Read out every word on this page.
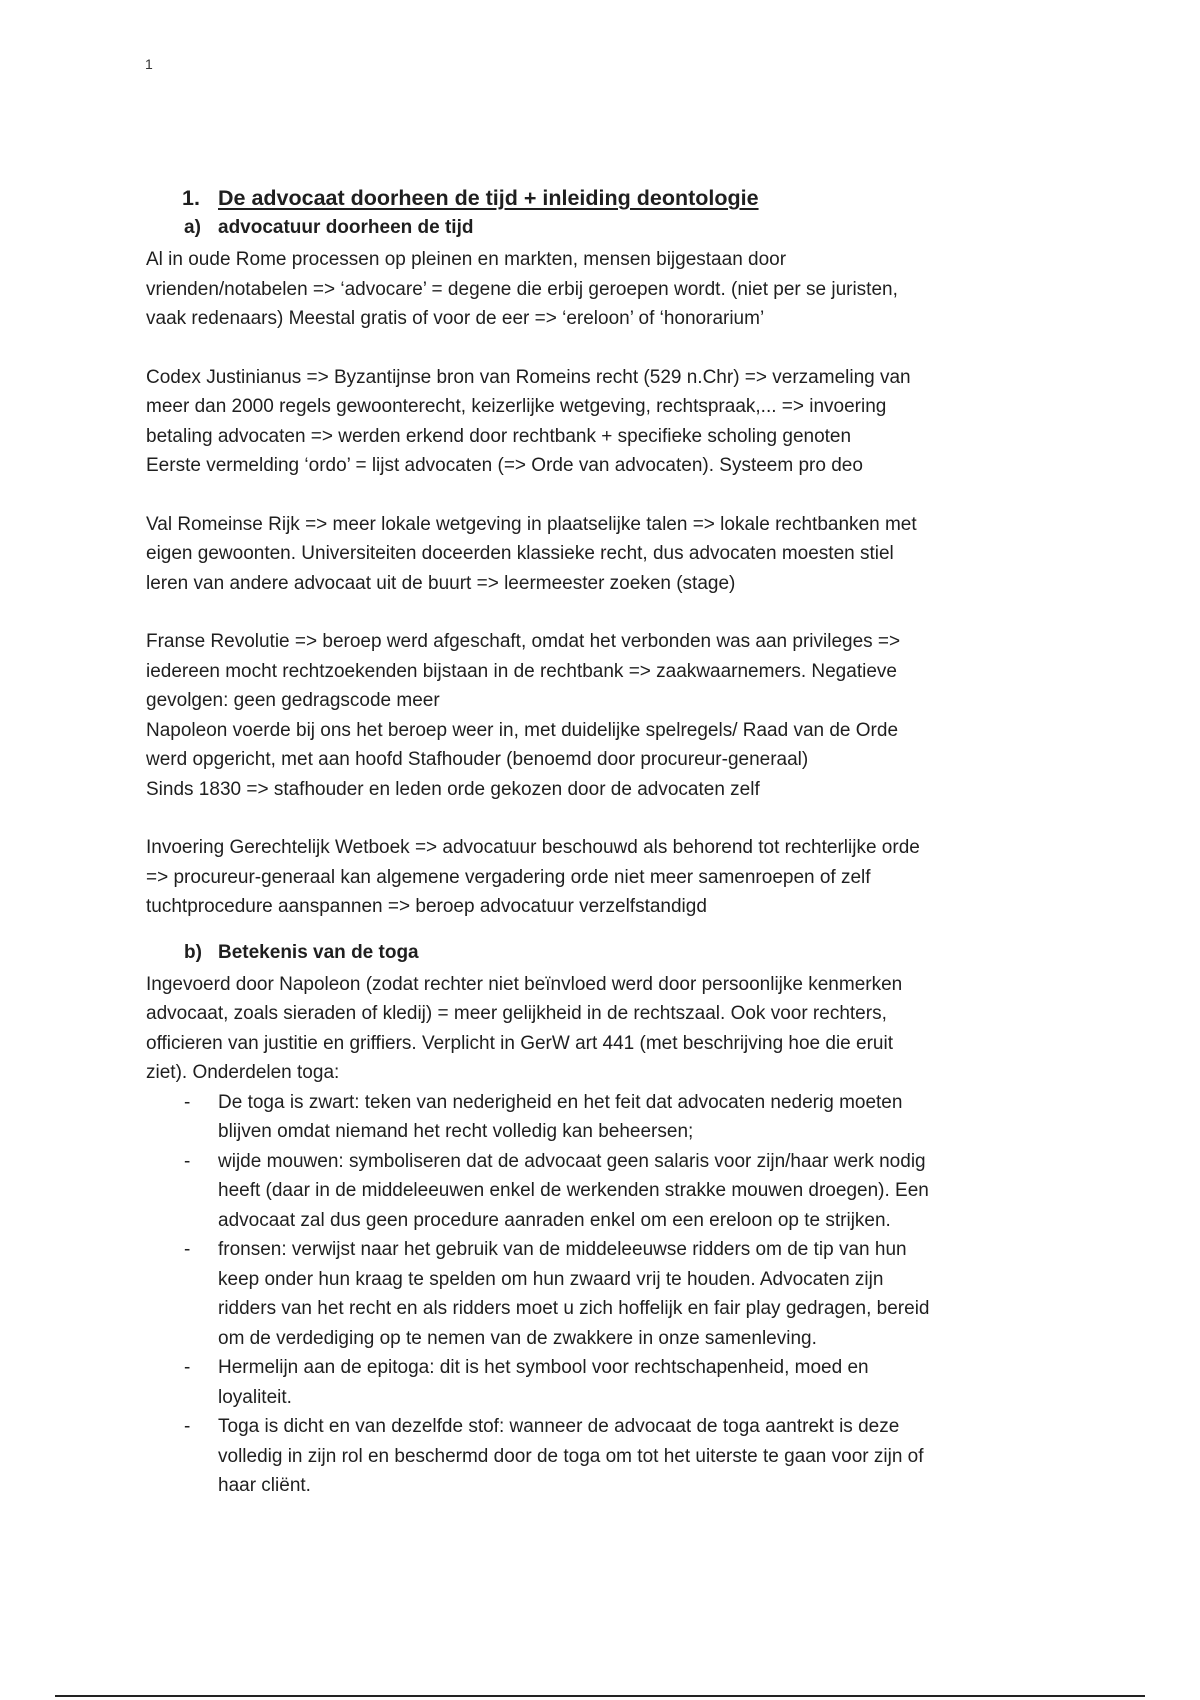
1
1. De advocaat doorheen de tijd + inleiding deontologie
a) advocatuur doorheen de tijd
Al in oude Rome processen op pleinen en markten, mensen bijgestaan door
vrienden/notabelen => ‘advocare’ = degene die erbij geroepen wordt. (niet per se juristen,
vaak redenaars) Meestal gratis of voor de eer => ‘ereloon’ of ‘honorarium’
Codex Justinianus => Byzantijnse bron van Romeins recht (529 n.Chr) => verzameling van
meer dan 2000 regels gewoonterecht, keizerlijke wetgeving, rechtspraak,... => invoering
betaling advocaten => werden erkend door rechtbank + specifieke scholing genoten
Eerste vermelding ‘ordo’ = lijst advocaten (=> Orde van advocaten). Systeem pro deo
Val Romeinse Rijk => meer lokale wetgeving in plaatselijke talen => lokale rechtbanken met
eigen gewoonten. Universiteiten doceerden klassieke recht, dus advocaten moesten stiel
leren van andere advocaat uit de buurt => leermeester zoeken (stage)
Franse Revolutie => beroep werd afgeschaft, omdat het verbonden was aan privileges =>
iedereen mocht rechtzoekenden bijstaan in de rechtbank => zaakwaarnemers. Negatieve
gevolgen: geen gedragscode meer
Napoleon voerde bij ons het beroep weer in, met duidelijke spelregels/ Raad van de Orde
werd opgericht, met aan hoofd Stafhouder (benoemd door procureur-generaal)
Sinds 1830 => stafhouder en leden orde gekozen door de advocaten zelf
Invoering Gerechtelijk Wetboek => advocatuur beschouwd als behorend tot rechterlijke orde
=> procureur-generaal kan algemene vergadering orde niet meer samenroepen of zelf
tuchtprocedure aanspannen => beroep advocatuur verzelfstandigd
b) Betekenis van de toga
Ingevoerd door Napoleon (zodat rechter niet beïnvloed werd door persoonlijke kenmerken
advocaat, zoals sieraden of kledij) = meer gelijkheid in de rechtszaal. Ook voor rechters,
officieren van justitie en griffiers. Verplicht in GerW art 441 (met beschrijving hoe die eruit
ziet). Onderdelen toga:
- De toga is zwart: teken van nederigheid en het feit dat advocaten nederig moeten
blijven omdat niemand het recht volledig kan beheersen;
- wijde mouwen: symboliseren dat de advocaat geen salaris voor zijn/haar werk nodig
heeft (daar in de middeleeuwen enkel de werkenden strakke mouwen droegen). Een
advocaat zal dus geen procedure aanraden enkel om een ereloon op te strijken.
- fronsen: verwijst naar het gebruik van de middeleeuwse ridders om de tip van hun
keep onder hun kraag te spelden om hun zwaard vrij te houden. Advocaten zijn
ridders van het recht en als ridders moet u zich hoffelijk en fair play gedragen, bereid
om de verdediging op te nemen van de zwakkere in onze samenleving.
- Hermelijn aan de epitoga: dit is het symbool voor rechtschapenheid, moed en
loyaliteit.
- Toga is dicht en van dezelfde stof: wanneer de advocaat de toga aantrekt is deze
volledig in zijn rol en beschermd door de toga om tot het uiterste te gaan voor zijn of
haar cliënt.
